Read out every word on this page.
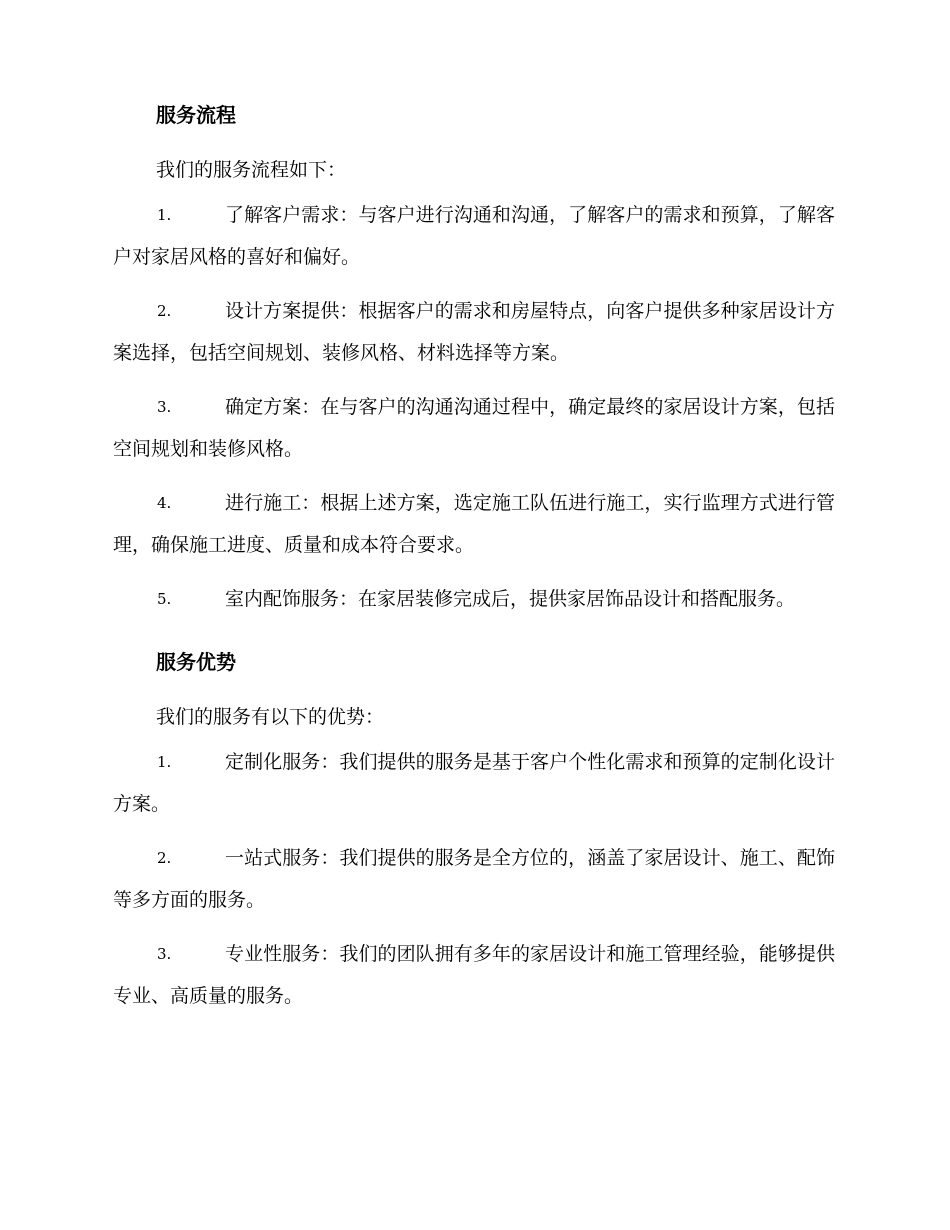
服务流程

我们的服务流程如下：

1.	了解客户需求：与客户进行沟通和沟通，了解客户的需求和预算，了解客户对家居风格的喜好和偏好。
2.	设计方案提供：根据客户的需求和房屋特点，向客户提供多种家居设计方案选择，包括空间规划、装修风格、材料选择等方案。
3.	确定方案：在与客户的沟通沟通过程中，确定最终的家居设计方案，包括空间规划和装修风格。
4.	进行施工：根据上述方案，选定施工队伍进行施工，实行监理方式进行管理，确保施工进度、质量和成本符合要求。
5.	室内配饰服务：在家居装修完成后，提供家居饰品设计和搭配服务。
服务优势

我们的服务有以下的优势：

1.	定制化服务：我们提供的服务是基于客户个性化需求和预算的定制化设计方案。
2.	一站式服务：我们提供的服务是全方位的，涵盖了家居设计、施工、配饰等多方面的服务。
3.	专业性服务：我们的团队拥有多年的家居设计和施工管理经验，能够提供专业、高质量的服务。
